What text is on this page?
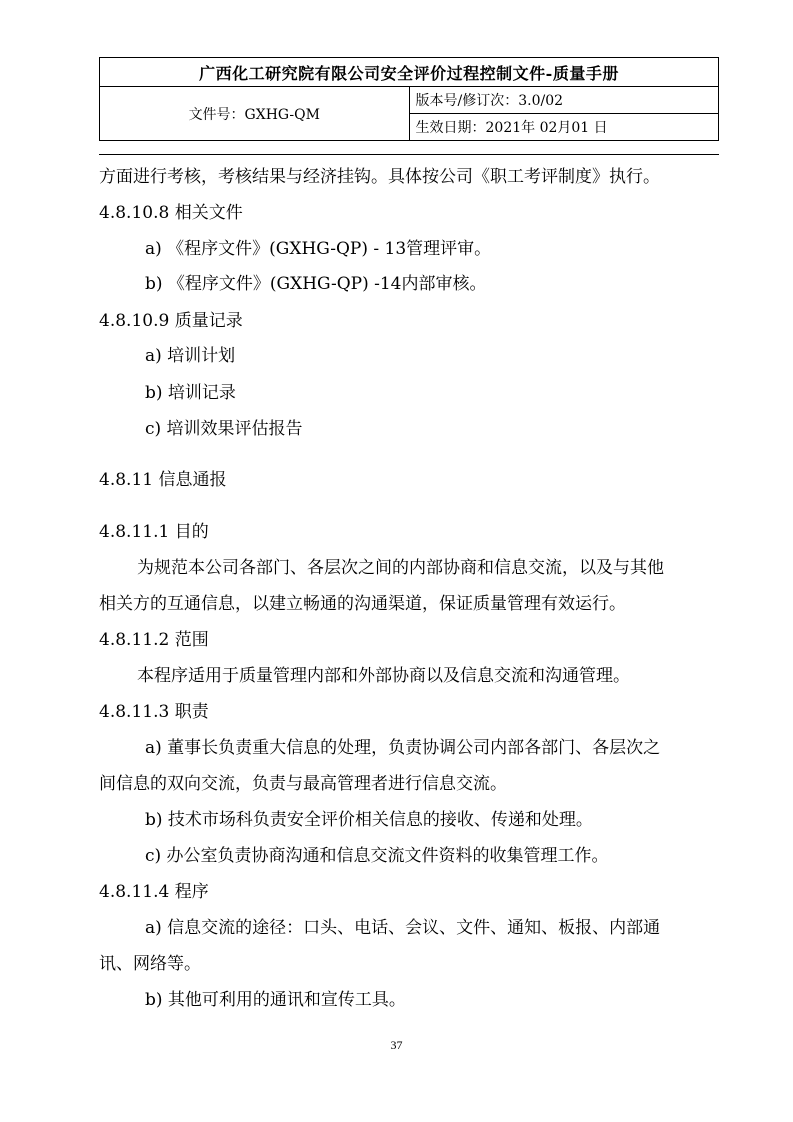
广西化工研究院有限公司安全评价过程控制文件-质量手册
文件号：GXHG-QM	版本号/修订次：3.0/02
生效日期：2021年 02月01 日
方面进行考核，考核结果与经济挂钩。具体按公司《职工考评制度》执行。
4.8.10.8 相关文件
a) 《程序文件》(GXHG-QP) - 13管理评审。
b) 《程序文件》(GXHG-QP) -14内部审核。
4.8.10.9 质量记录
a) 培训计划
b) 培训记录
c) 培训效果评估报告
4.8.11 信息通报
4.8.11.1 目的
为规范本公司各部门、各层次之间的内部协商和信息交流，以及与其他
相关方的互通信息，以建立畅通的沟通渠道，保证质量管理有效运行。
4.8.11.2 范围
本程序适用于质量管理内部和外部协商以及信息交流和沟通管理。
4.8.11.3 职责
a) 董事长负责重大信息的处理，负责协调公司内部各部门、各层次之
间信息的双向交流，负责与最高管理者进行信息交流。
b) 技术市场科负责安全评价相关信息的接收、传递和处理。
c) 办公室负责协商沟通和信息交流文件资料的收集管理工作。
4.8.11.4 程序
a) 信息交流的途径：口头、电话、会议、文件、通知、板报、内部通
讯、网络等。
b) 其他可利用的通讯和宣传工具。
37
